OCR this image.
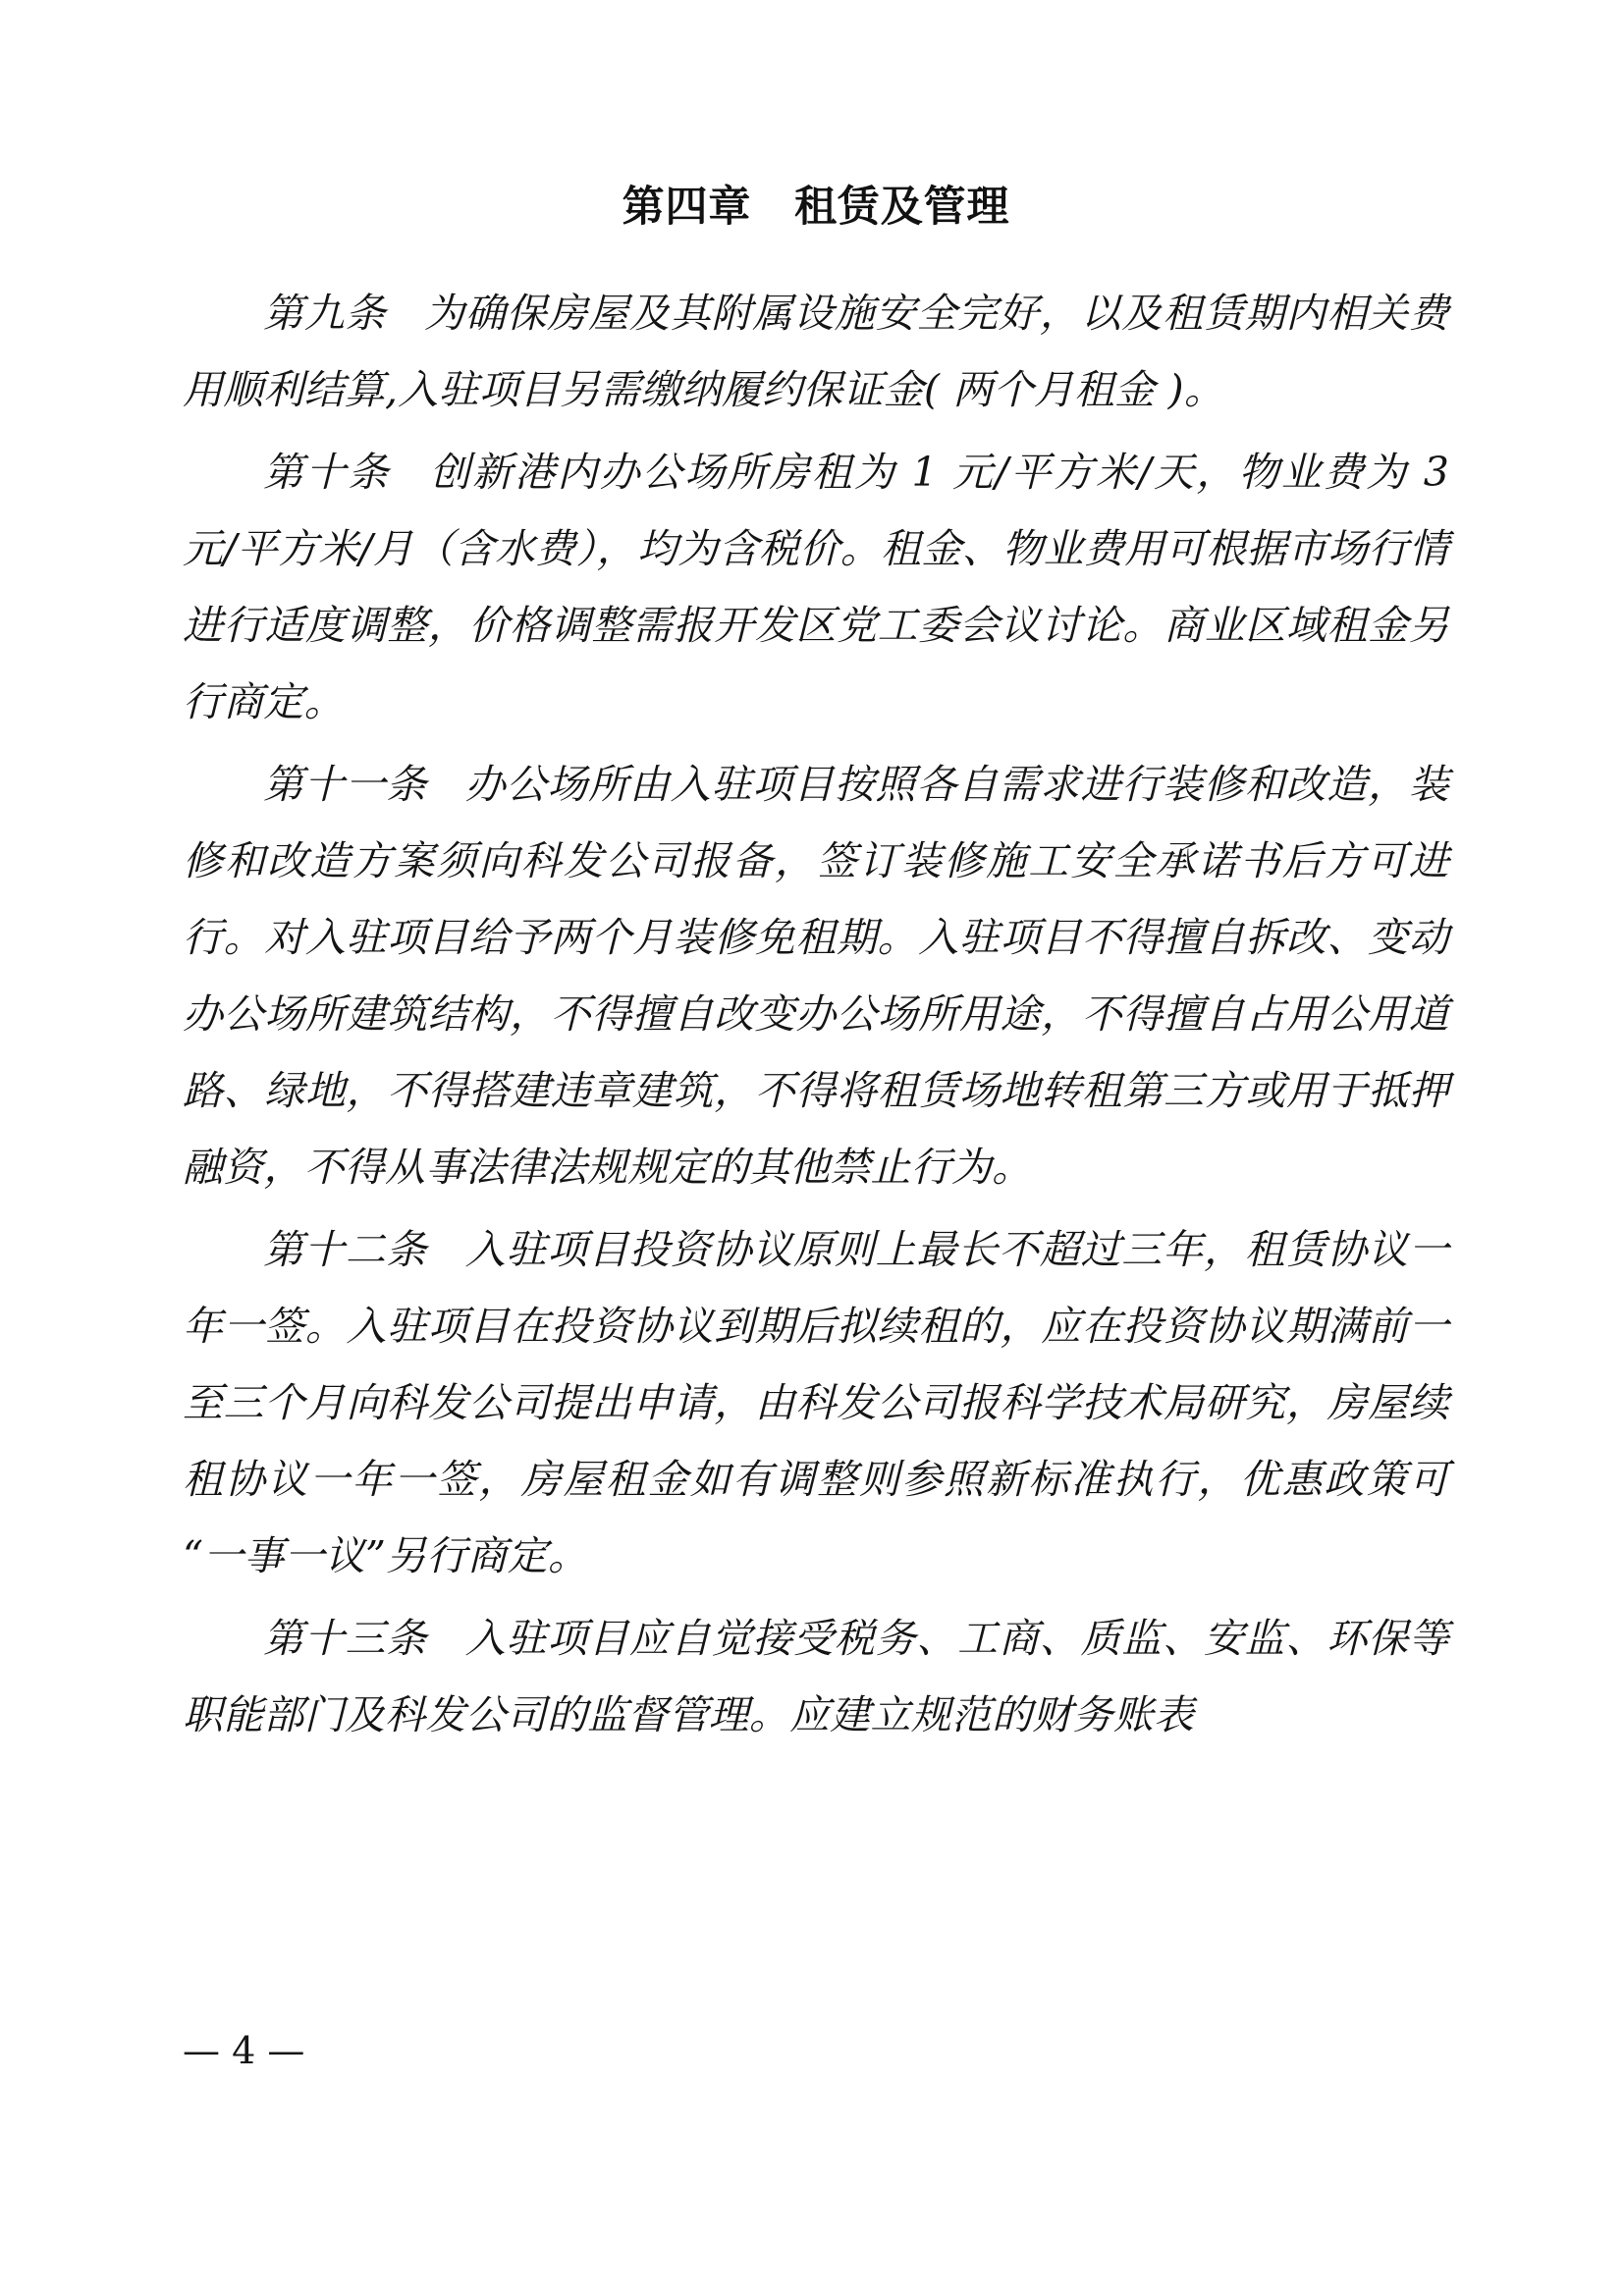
第四章　租赁及管理

第九条 为确保房屋及其附属设施安全完好，以及租赁期内相关费用顺利结算,入驻项目另需缴纳履约保证金( 两个月租金 )。

第十条 创新港内办公场所房租为 1 元/平方米/天，物业费为 3 元/平方米/月（含水费），均为含税价。租金、物业费用可根据市场行情进行适度调整，价格调整需报开发区党工委会议讨论。商业区域租金另行商定。

第十一条 办公场所由入驻项目按照各自需求进行装修和改造，装修和改造方案须向科发公司报备，签订装修施工安全承诺书后方可进行。对入驻项目给予两个月装修免租期。入驻项目不得擅自拆改、变动办公场所建筑结构，不得擅自改变办公场所用途，不得擅自占用公用道路、绿地，不得搭建违章建筑，不得将租赁场地转租第三方或用于抵押融资，不得从事法律法规规定的其他禁止行为。

第十二条 入驻项目投资协议原则上最长不超过三年，租赁协议一年一签。入驻项目在投资协议到期后拟续租的，应在投资协议期满前一至三个月向科发公司提出申请，由科发公司报科学技术局研究，房屋续租协议一年一签，房屋租金如有调整则参照新标准执行，优惠政策可“一事一议”另行商定。

第十三条 入驻项目应自觉接受税务、工商、质监、安监、环保等职能部门及科发公司的监督管理。应建立规范的财务账表

— 4 —
